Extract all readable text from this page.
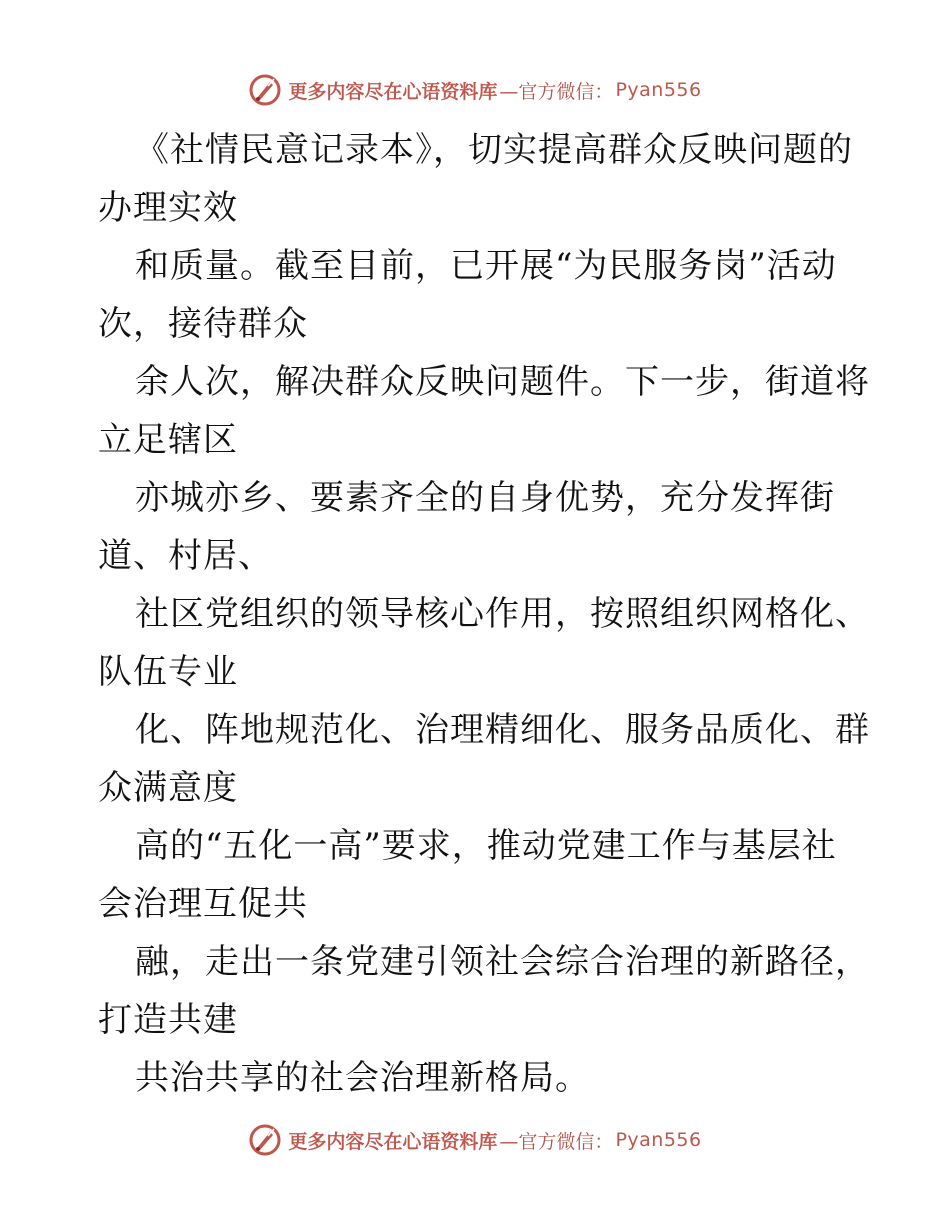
更多内容尽在心语资料库 —官方微信： Pyan556
《社情民意记录本》，切实提高群众反映问题的
办理实效
和质量。截至目前，已开展“为民服务岗”活动
次，接待群众
余人次，解决群众反映问题件。下一步，街道将
立足辖区
亦城亦乡、要素齐全的自身优势，充分发挥街
道、村居、
社区党组织的领导核心作用，按照组织网格化、
队伍专业
化、阵地规范化、治理精细化、服务品质化、群
众满意度
高的“五化一高”要求，推动党建工作与基层社
会治理互促共
融，走出一条党建引领社会综合治理的新路径，
打造共建
共治共享的社会治理新格局。
更多内容尽在心语资料库 —官方微信： Pyan556
